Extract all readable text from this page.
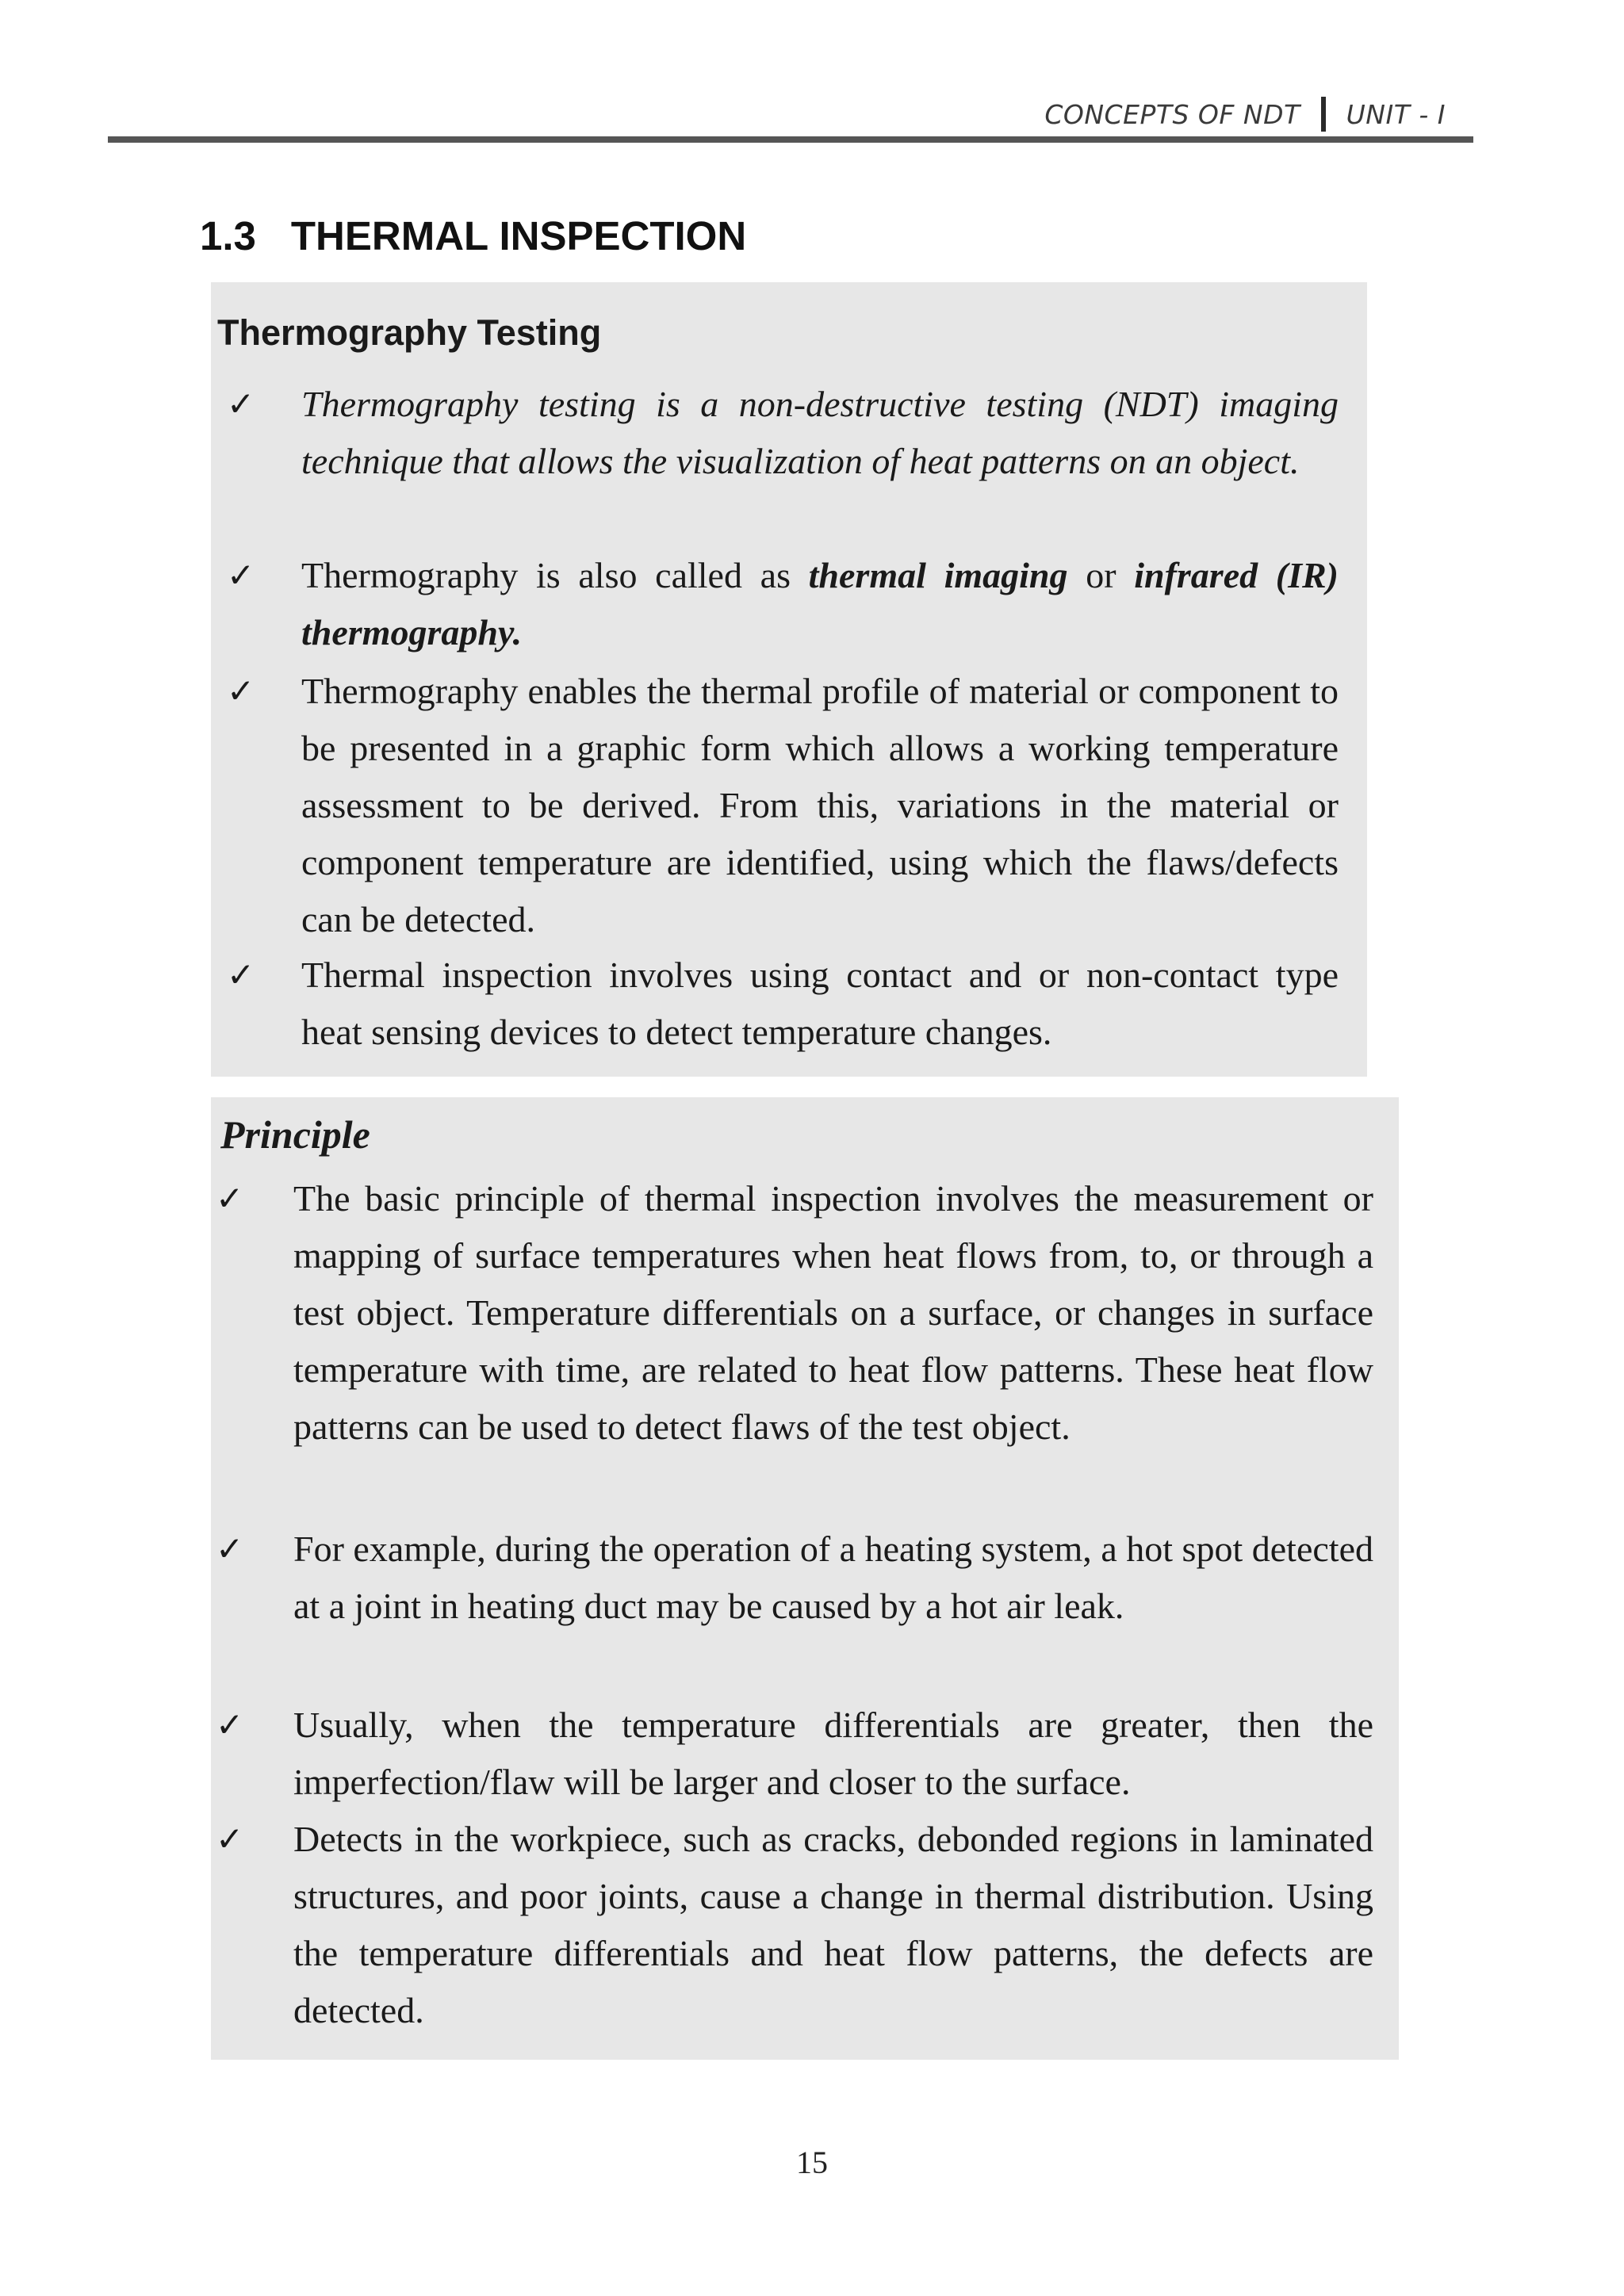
CONCEPTS OF NDT UNIT - I
1.3 THERMAL INSPECTION
Thermography Testing
✓ Thermography testing is a non-destructive testing (NDT) imaging technique that allows the visualization of heat patterns on an object.

✓ Thermography is also called as thermal imaging or infrared (IR) thermography.

✓ Thermography enables the thermal profile of material or component to be presented in a graphic form which allows a working temperature assessment to be derived. From this, variations in the material or component temperature are identified, using which the flaws/defects can be detected.

✓ Thermal inspection involves using contact and or non-contact type heat sensing devices to detect temperature changes.

Principle
✓ The basic principle of thermal inspection involves the measurement or mapping of surface temperatures when heat flows from, to, or through a test object. Temperature differentials on a surface, or changes in surface temperature with time, are related to heat flow patterns. These heat flow patterns can be used to detect flaws of the test object.

✓ For example, during the operation of a heating system, a hot spot detected at a joint in heating duct may be caused by a hot air leak.

✓ Usually, when the temperature differentials are greater, then the imperfection/flaw will be larger and closer to the surface.

✓ Detects in the workpiece, such as cracks, debonded regions in laminated structures, and poor joints, cause a change in thermal distribution. Using the temperature differentials and heat flow patterns, the defects are detected.

15
